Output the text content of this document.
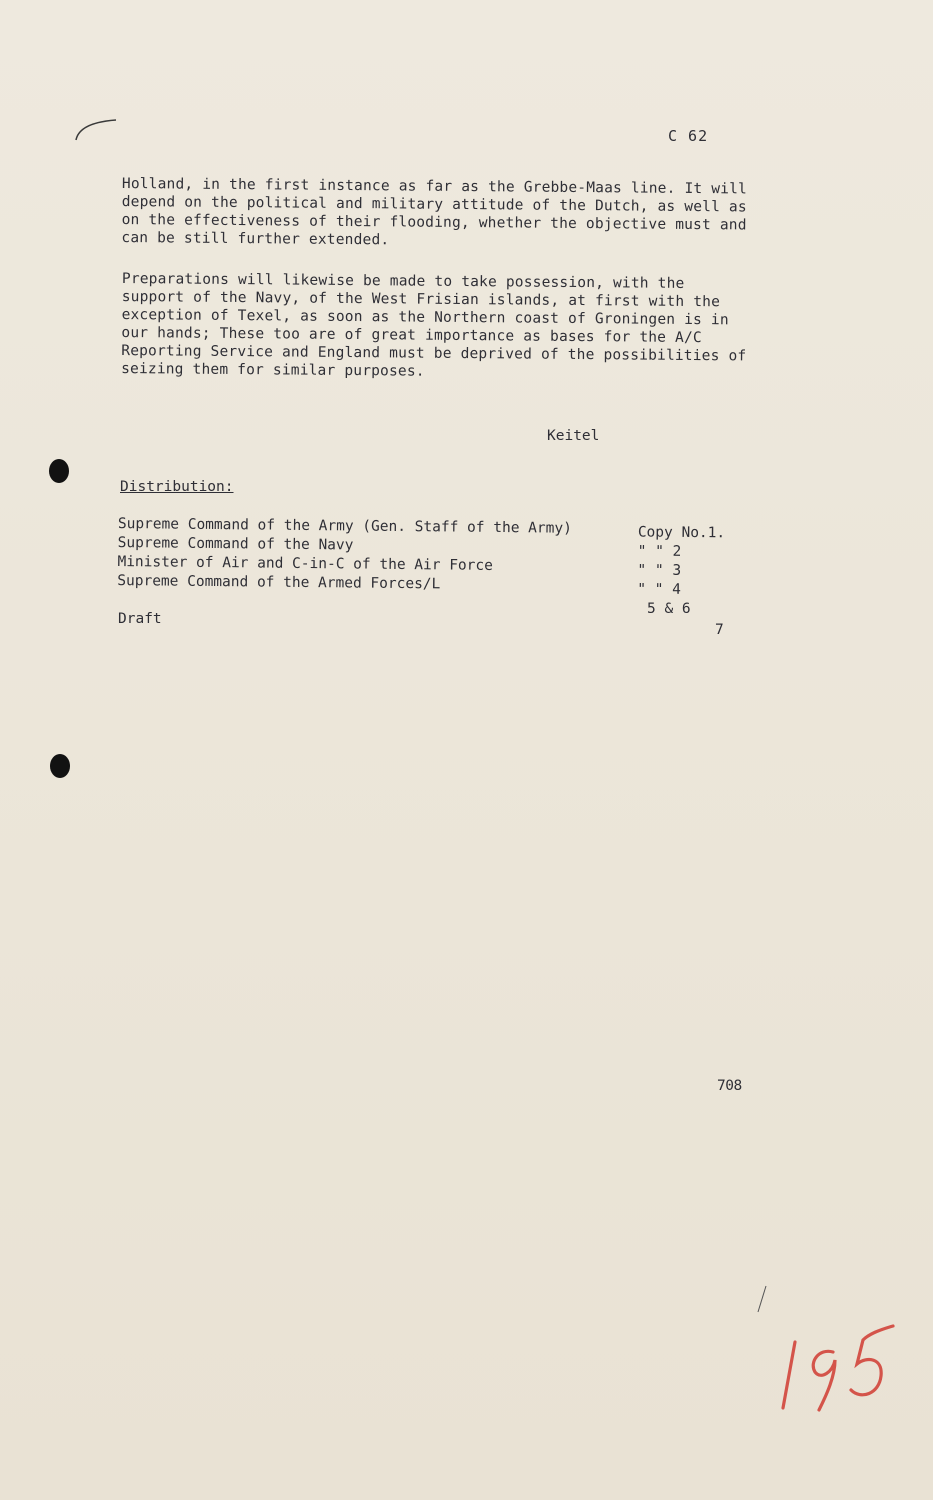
C 62
Holland, in the first instance as far as the Grebbe-Maas line. It will
depend on the political and military attitude of the Dutch, as well as
on the effectiveness of their flooding, whether the objective must and
can be still further extended.
Preparations will likewise be made to take possession, with the
support of the Navy, of the West Frisian islands, at first with the
exception of Texel, as soon as the Northern coast of Groningen is in
our hands; These too are of great importance as bases for the A/C
Reporting Service and England must be deprived of the possibilities of
seizing them for similar purposes.
Keitel
Distribution:
Supreme Command of the Army (Gen. Staff of the Army)	Copy No.1.
Supreme Command of the Navy	" " 2
Minister of Air and C-in-C of the Air Force	" " 3
Supreme Command of the Armed Forces/L	" " 4
5 & 6
7
Draft
708
